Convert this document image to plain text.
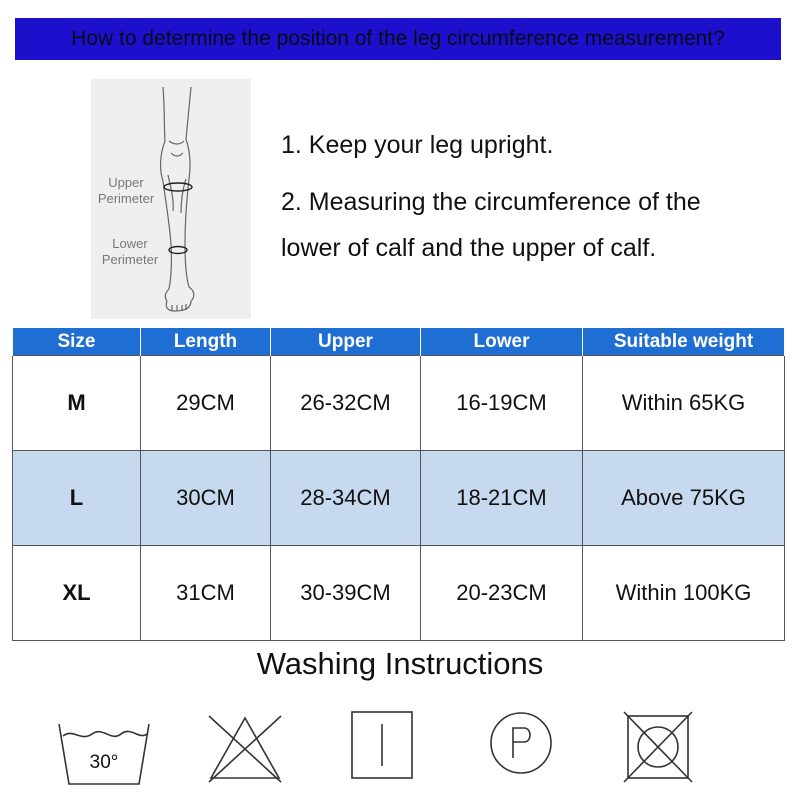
How to determine the position of the leg circumference measurement?
Upper
Perimeter
Lower
Perimeter
1. Keep your leg upright.
2. Measuring the circumference of the
lower of calf and the upper of calf.
Size	Length	Upper	Lower	Suitable weight
M	29CM	26-32CM	16-19CM	Within 65KG
L	30CM	28-34CM	18-21CM	Above 75KG
XL	31CM	30-39CM	20-23CM	Within 100KG
Washing Instructions
30°
